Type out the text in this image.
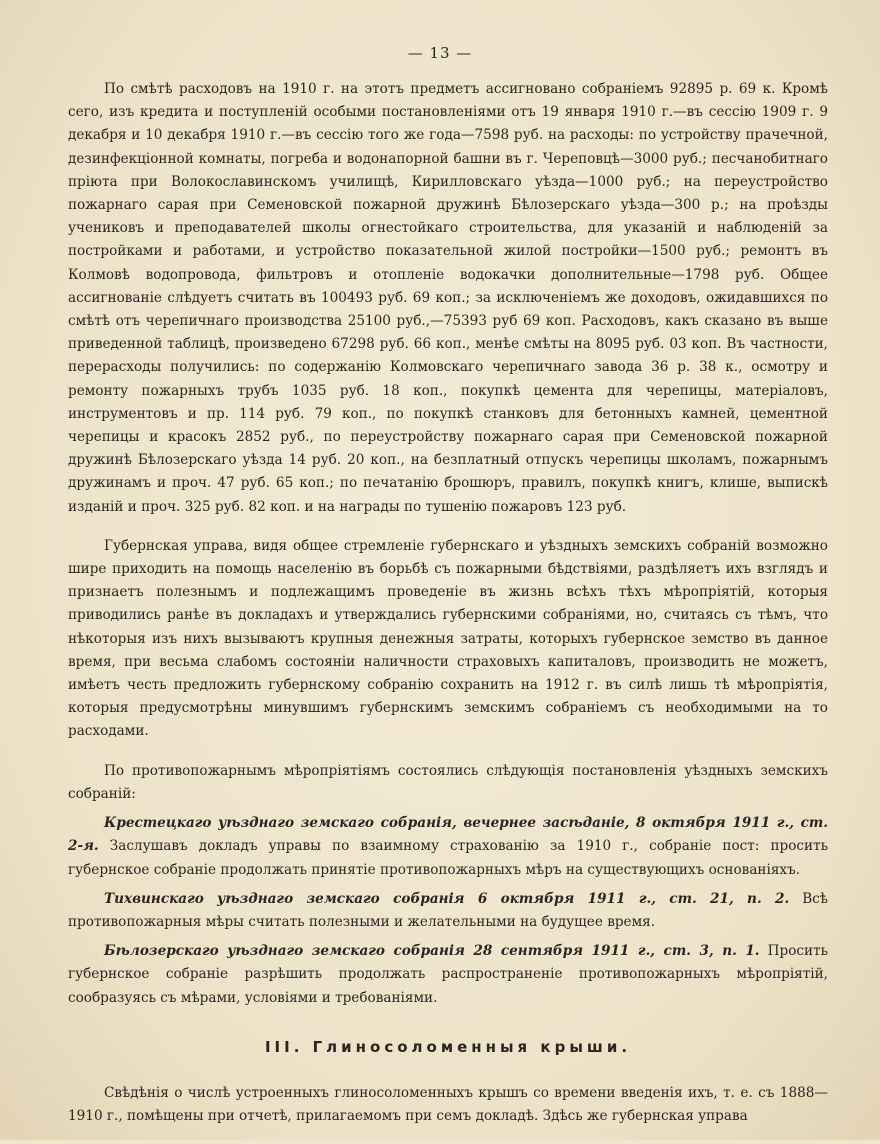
— 13 —

По смѣтѣ расходовъ на 1910 г. на этотъ предметъ ассигновано собраніемъ 92895 р. 69 к. Кромѣ сего, изъ кредита и поступленій особыми постановленіями отъ 19 января 1910 г.—въ сессію 1909 г. 9 декабря и 10 декабря 1910 г.—въ сессію того же года—7598 руб. на расходы: по устройству прачечной, дезинфекціонной комнаты, погреба и водонапорной башни въ г. Череповцѣ—3000 руб.; песчанобитнаго пріюта при Волокославинскомъ училищѣ, Кирилловскаго уѣзда—1000 руб.; на переустройство пожарнаго сарая при Семеновской пожарной дружинѣ Бѣлозерскаго уѣзда—300 р.; на проѣзды учениковъ и преподавателей школы огнестойкаго строительства, для указаній и наблюденій за постройками и работами, и устройство показательной жилой постройки—1500 руб.; ремонтъ въ Колмовѣ водопровода, фильтровъ и отопленіе водокачки дополнительные—1798 руб. Общее ассигнованіе слѣдуетъ считать въ 100493 руб. 69 коп.; за исключеніемъ же доходовъ, ожидавшихся по смѣтѣ отъ черепичнаго производства 25100 руб.,—75393 руб 69 коп. Расходовъ, какъ сказано въ выше приведенной таблицѣ, произведено 67298 руб. 66 коп., менѣе смѣты на 8095 руб. 03 коп. Въ частности, перерасходы получились: по содержанію Колмовскаго черепичнаго завода 36 р. 38 к., осмотру и ремонту пожарныхъ трубъ 1035 руб. 18 коп., покупкѣ цемента для черепицы, матеріаловъ, инструментовъ и пр. 114 руб. 79 коп., по покупкѣ станковъ для бетонныхъ камней, цементной черепицы и красокъ 2852 руб., по переустройству пожарнаго сарая при Семеновской пожарной дружинѣ Бѣлозерскаго уѣзда 14 руб. 20 коп., на безплатный отпускъ черепицы школамъ, пожарнымъ дружинамъ и проч. 47 руб. 65 коп.; по печатанію брошюръ, правилъ, покупкѣ книгъ, клише, выпискѣ изданій и проч. 325 руб. 82 коп. и на награды по тушенію пожаровъ 123 руб.

Губернская управа, видя общее стремленіе губернскаго и уѣздныхъ земскихъ собраній возможно шире приходить на помощь населенію въ борьбѣ съ пожарными бѣдствіями, раздѣляетъ ихъ взглядъ и признаетъ полезнымъ и подлежащимъ проведеніе въ жизнь всѣхъ тѣхъ мѣропріятій, которыя приводились ранѣе въ докладахъ и утверждались губернскими собраніями, но, считаясь съ тѣмъ, что нѣкоторыя изъ нихъ вызываютъ крупныя денежныя затраты, которыхъ губернское земство въ данное время, при весьма слабомъ состояніи наличности страховыхъ капиталовъ, производить не можетъ, имѣетъ честь предложить губернскому собранію сохранить на 1912 г. въ силѣ лишь тѣ мѣропріятія, которыя предусмотрѣны минувшимъ губернскимъ земскимъ собраніемъ съ необходимыми на то расходами.

По противопожарнымъ мѣропріятіямъ состоялись слѣдующія постановленія уѣздныхъ земскихъ собраній:

Крестецкаго уѣзднаго земскаго собранія, вечернее засѣданіе, 8 октября 1911 г., ст. 2-я. Заслушавъ докладъ управы по взаимному страхованію за 1910 г., собраніе пост: просить губернское собраніе продолжать принятіе противопожарныхъ мѣръ на существующихъ основаніяхъ.

Тихвинскаго уѣзднаго земскаго собранія 6 октября 1911 г., ст. 21, п. 2. Всѣ противопожарныя мѣры считать полезными и желательными на будущее время.

Бѣлозерскаго уѣзднаго земскаго собранія 28 сентября 1911 г., ст. 3, п. 1. Просить губернское собраніе разрѣшить продолжать распространеніе противопожарныхъ мѣропріятій, сообразуясь съ мѣрами, условіями и требованіями.

III. Глиносоломенныя крыши.

Свѣдѣнія о числѣ устроенныхъ глиносоломенныхъ крышъ со времени введенія ихъ, т. е. съ 1888—1910 г., помѣщены при отчетѣ, прилагаемомъ при семъ докладѣ. Здѣсь же губернская управа
